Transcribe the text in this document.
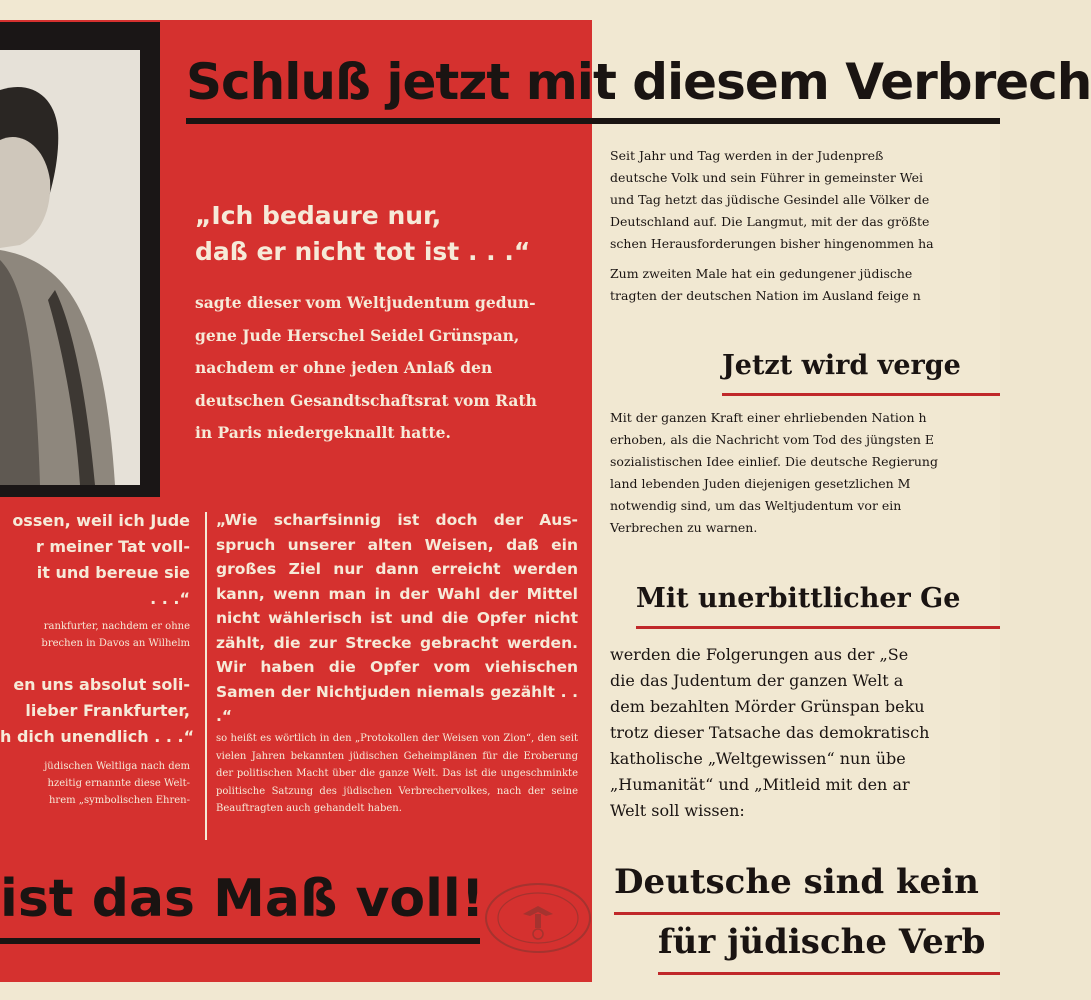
Schluß jetzt mit diesem Verbrech
„Ich bedaure nur,
daß er nicht tot ist . . .“
sagte dieser vom Weltjudentum gedun-
gene Jude Herschel Seidel Grünspan,
nachdem er ohne jeden Anlaß den
deutschen Gesandtschaftsrat vom Rath
in Paris niedergeknallt hatte.
ossen, weil ich Jude
r meiner Tat voll-
it und bereue sie
. . .“
rankfurter, nachdem er ohne
brechen in Davos an Wilhelm
en uns absolut soli-
lieber Frankfurter,
h dich unendlich . . .“
jüdischen Weltliga nach dem
hzeitig ernannte diese Welt-
hrem „symbolischen Ehren-
„Wie scharfsinnig ist doch der Aus-spruch unserer alten Weisen, daß ein großes Ziel nur dann erreicht werden kann, wenn man in der Wahl der Mittel nicht wählerisch ist und die Opfer nicht zählt, die zur Strecke gebracht werden. Wir haben die Opfer vom viehischen Samen der Nichtjuden niemals gezählt . . .“
so heißt es wörtlich in den „Protokollen der Weisen von Zion“, den seit vielen Jahren bekannten jüdischen Geheimplänen für die Eroberung der politischen Macht über die ganze Welt. Das ist die ungeschminkte politische Satzung des jüdischen Verbrechervolkes, nach der seine Beauftragten auch gehandelt haben.
ist das Maß voll!
Seit Jahr und Tag werden in der Judenpreß
deutsche Volk und sein Führer in gemeinster Wei
und Tag hetzt das jüdische Gesindel alle Völker de
Deutschland auf. Die Langmut, mit der das größte
schen Herausforderungen bisher hingenommen ha
Zum zweiten Male hat ein gedungener jüdische
tragten der deutschen Nation im Ausland feige n
Jetzt wird verge
Mit der ganzen Kraft einer ehrliebenden Nation h
erhoben, als die Nachricht vom Tod des jüngsten E
sozialistischen Idee einlief. Die deutsche Regierung
land lebenden Juden diejenigen gesetzlichen M
notwendig sind, um das Weltjudentum vor ein
Verbrechen zu warnen.
Mit unerbittlicher Ge
werden die Folgerungen aus der „Se
die das Judentum der ganzen Welt a
dem bezahlten Mörder Grünspan beku
trotz dieser Tatsache das demokratisch
katholische „Weltgewissen“ nun übe
„Humanität“ und „Mitleid mit den ar
Welt soll wissen:
Deutsche sind kein
für jüdische Verb
